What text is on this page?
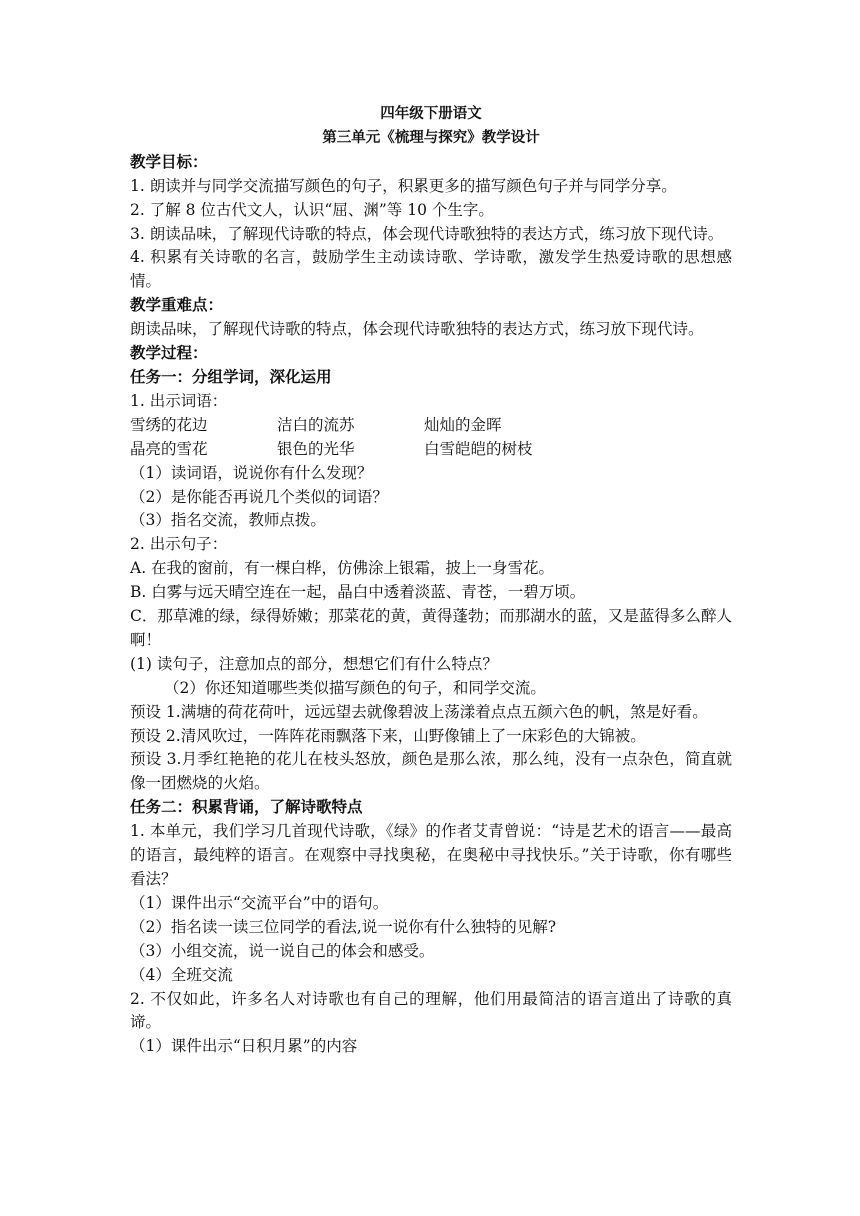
四年级下册语文
第三单元《梳理与探究》教学设计
教学目标：
1. 朗读并与同学交流描写颜色的句子，积累更多的描写颜色句子并与同学分享。
2. 了解 8 位古代文人，认识“屈、渊”等 10 个生字。
3. 朗读品味，了解现代诗歌的特点，体会现代诗歌独特的表达方式，练习放下现代诗。
4. 积累有关诗歌的名言，鼓励学生主动读诗歌、学诗歌，激发学生热爱诗歌的思想感情。
教学重难点：
朗读品味，了解现代诗歌的特点，体会现代诗歌独特的表达方式，练习放下现代诗。
教学过程：
任务一：分组学词，深化运用
1. 出示词语：
雪绣的花边	洁白的流苏	灿灿的金晖
晶亮的雪花	银色的光华	白雪皑皑的树枝
（1）读词语，说说你有什么发现？
（2）是你能否再说几个类似的词语？
（3）指名交流，教师点拨。
2. 出示句子：
A. 在我的窗前，有一棵白桦，仿佛涂上银霜，披上一身雪花。
B. 白雾与远天晴空连在一起，晶白中透着淡蓝、青苍，一碧万顷。
C．那草滩的绿，绿得娇嫩；那菜花的黄，黄得蓬勃；而那湖水的蓝，又是蓝得多么醉人啊！
(1) 读句子，注意加点的部分，想想它们有什么特点？
（2）你还知道哪些类似描写颜色的句子，和同学交流。
预设 1.满塘的荷花荷叶，远远望去就像碧波上荡漾着点点五颜六色的帆，煞是好看。
预设 2.清风吹过，一阵阵花雨飘落下来，山野像铺上了一床彩色的大锦被。
预设 3.月季红艳艳的花儿在枝头怒放，颜色是那么浓，那么纯，没有一点杂色，简直就像一团燃烧的火焰。
任务二：积累背诵，了解诗歌特点
1. 本单元，我们学习几首现代诗歌，《绿》的作者艾青曾说：“诗是艺术的语言——最高的语言，最纯粹的语言。在观察中寻找奥秘，在奥秘中寻找快乐。”关于诗歌，你有哪些看法？
（1）课件出示“交流平台”中的语句。
（2）指名读一读三位同学的看法,说一说你有什么独特的见解?
（3）小组交流，说一说自己的体会和感受。
（4）全班交流
2. 不仅如此，许多名人对诗歌也有自己的理解，他们用最简洁的语言道出了诗歌的真谛。
（1）课件出示“日积月累”的内容
